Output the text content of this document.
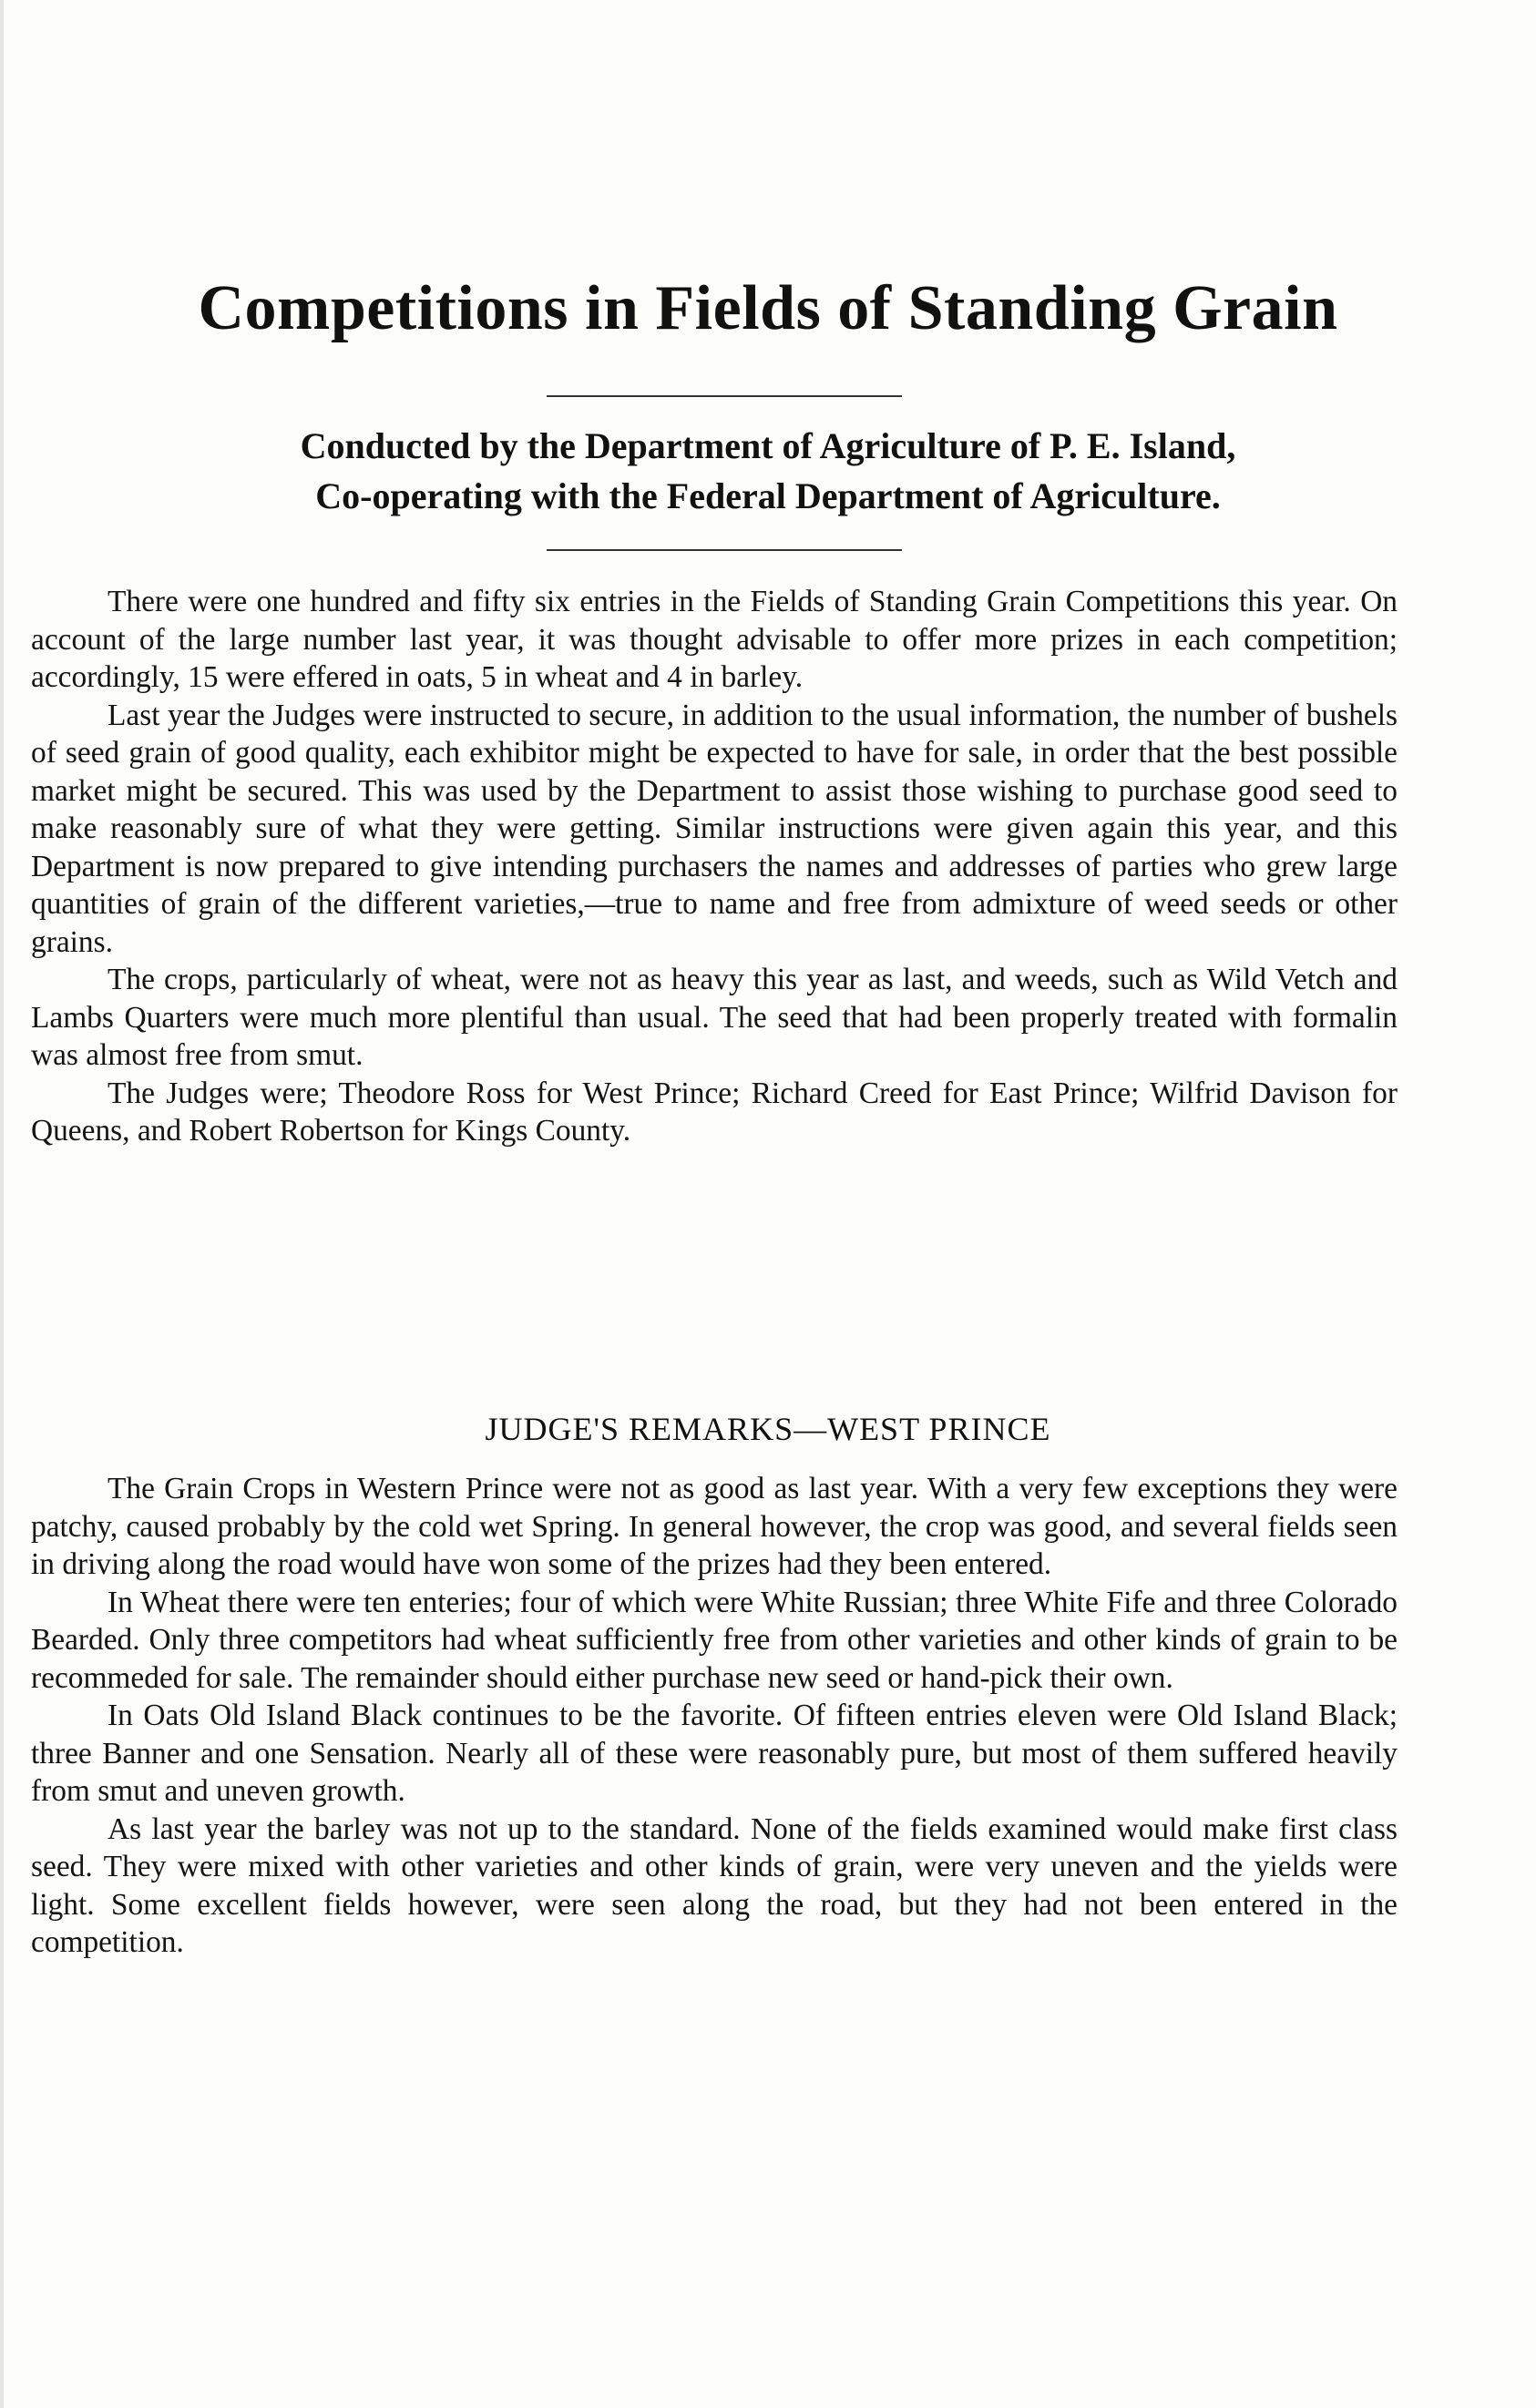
Competitions in Fields of Standing Grain
Conducted by the Department of Agriculture of P. E. Island,
Co-operating with the Federal Department of Agriculture.

There were one hundred and fifty six entries in the Fields of Standing Grain Competitions this year. On account of the large number last year, it was thought advisable to offer more prizes in each competition; accordingly, 15 were effered in oats, 5 in wheat and 4 in barley.

Last year the Judges were instructed to secure, in addition to the usual information, the number of bushels of seed grain of good quality, each exhibitor might be expected to have for sale, in order that the best possible market might be secured. This was used by the Department to assist those wishing to purchase good seed to make reasonably sure of what they were getting. Similar instructions were given again this year, and this Department is now prepared to give intending purchasers the names and addresses of parties who grew large quantities of grain of the different varieties,—true to name and free from admixture of weed seeds or other grains.

The crops, particularly of wheat, were not as heavy this year as last, and weeds, such as Wild Vetch and Lambs Quarters were much more plentiful than usual. The seed that had been properly treated with formalin was almost free from smut.

The Judges were; Theodore Ross for West Prince; Richard Creed for East Prince; Wilfrid Davison for Queens, and Robert Robertson for Kings County.

JUDGE'S REMARKS—WEST PRINCE

The Grain Crops in Western Prince were not as good as last year. With a very few exceptions they were patchy, caused probably by the cold wet Spring. In general however, the crop was good, and several fields seen in driving along the road would have won some of the prizes had they been entered.

In Wheat there were ten enteries; four of which were White Russian; three White Fife and three Colorado Bearded. Only three competitors had wheat sufficiently free from other varieties and other kinds of grain to be recommeded for sale. The remainder should either purchase new seed or hand-pick their own.

In Oats Old Island Black continues to be the favorite. Of fifteen entries eleven were Old Island Black; three Banner and one Sensation. Nearly all of these were reasonably pure, but most of them suffered heavily from smut and uneven growth.

As last year the barley was not up to the standard. None of the fields examined would make first class seed. They were mixed with other varieties and other kinds of grain, were very uneven and the yields were light. Some excellent fields however, were seen along the road, but they had not been entered in the competition.
